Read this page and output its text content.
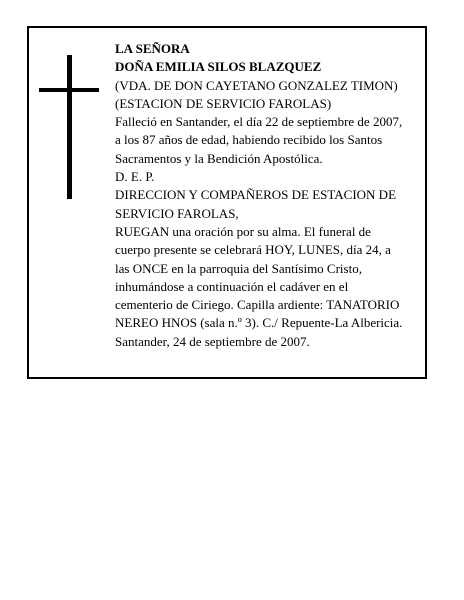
LA SEÑORA
DOÑA EMILIA SILOS BLAZQUEZ
(VDA. DE DON CAYETANO GONZALEZ TIMON)
(ESTACION DE SERVICIO FAROLAS)
Falleció en Santander, el día 22 de septiembre de 2007,
a los 87 años de edad, habiendo recibido los Santos
Sacramentos y la Bendición Apostólica.
D. E. P.
DIRECCION Y COMPAÑEROS DE ESTACION DE
SERVICIO FAROLAS,
RUEGAN una oración por su alma. El funeral de
cuerpo presente se celebrará HOY, LUNES, día 24, a
las ONCE en la parroquia del Santísimo Cristo,
inhumándose a continuación el cadáver en el
cementerio de Ciriego. Capilla ardiente: TANATORIO
NEREO HNOS (sala n.º 3). C./ Repuente-La Albericia.
Santander, 24 de septiembre de 2007.
